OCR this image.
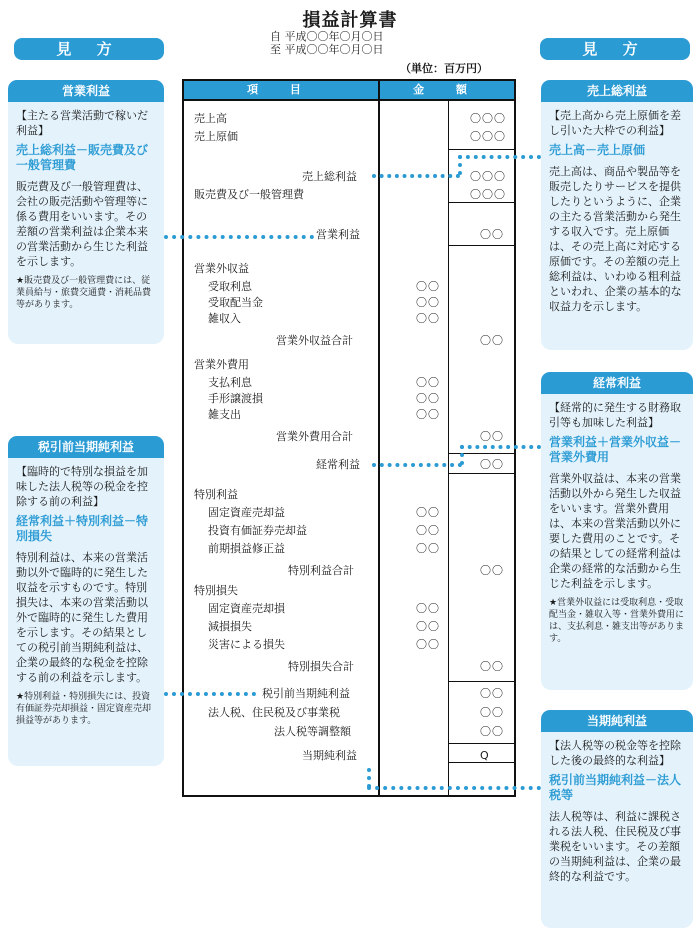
損益計算書
自 平成〇〇年〇月〇日
至 平成〇〇年〇月〇日
（単位：百万円）
見 方	見 方
営業利益

【主たる営業活動で稼いだ利益】

売上総利益－販売費及び一般管理費

販売費及び一般管理費は、会社の販売活動や管理等に係る費用をいいます。その差額の営業利益は企業本来の営業活動から生じた利益を示します。

★販売費及び一般管理費には、従業員給与・旅費交通費・消耗品費等があります。

税引前当期純利益

【臨時的で特別な損益を加味した法人税等の税金を控除する前の利益】

経常利益＋特別利益－特別損失

特別利益は、本来の営業活動以外で臨時的に発生した収益を示すものです。特別損失は、本来の営業活動以外で臨時的に発生した費用を示します。その結果としての税引前当期純利益は、企業の最終的な税金を控除する前の利益を示します。

★特別利益・特別損失には、投資有価証券売却損益・固定資産売却損益等があります。

売上総利益

【売上高から売上原価を差し引いた大枠での利益】

売上高－売上原価

売上高は、商品や製品等を販売したりサービスを提供したりというように、企業の主たる営業活動から発生する収入です。売上原価は、その売上高に対応する原価です。その差額の売上総利益は、いわゆる粗利益といわれ、企業の基本的な収益力を示します。

経常利益

【経常的に発生する財務取引等も加味した利益】

営業利益＋営業外収益－営業外費用

営業外収益は、本来の営業活動以外から発生した収益をいいます。営業外費用は、本来の営業活動以外に要した費用のことです。その結果としての経常利益は企業の経常的な活動から生じた利益を示します。

★営業外収益には受取利息・受取配当金・雑収入等・営業外費用には、支払利息・雑支出等があります。

当期純利益

【法人税等の税金等を控除した後の最終的な利益】

税引前当期純利益－法人税等

法人税等は、利益に課税される法人税、住民税及び事業税をいいます。その差額の当期純利益は、企業の最終的な利益です。

項 目	金 額
売上高	〇〇〇
売上原価	〇〇〇
売上総利益	〇〇〇
販売費及び一般管理費	〇〇〇
営業利益	〇〇
営業外収益
受取利息	〇〇
受取配当金	〇〇
雑収入	〇〇
営業外収益合計	〇〇
営業外費用
支払利息	〇〇
手形譲渡損	〇〇
雑支出	〇〇
営業外費用合計	〇〇
経常利益	〇〇
特別利益
固定資産売却益	〇〇
投資有価証券売却益	〇〇
前期損益修正益	〇〇
特別利益合計	〇〇
特別損失
固定資産売却損	〇〇
減損損失	〇〇
災害による損失	〇〇
特別損失合計	〇〇
税引前当期純利益	〇〇
法人税、住民税及び事業税	〇〇
法人税等調整額	〇〇
当期純利益	Q
